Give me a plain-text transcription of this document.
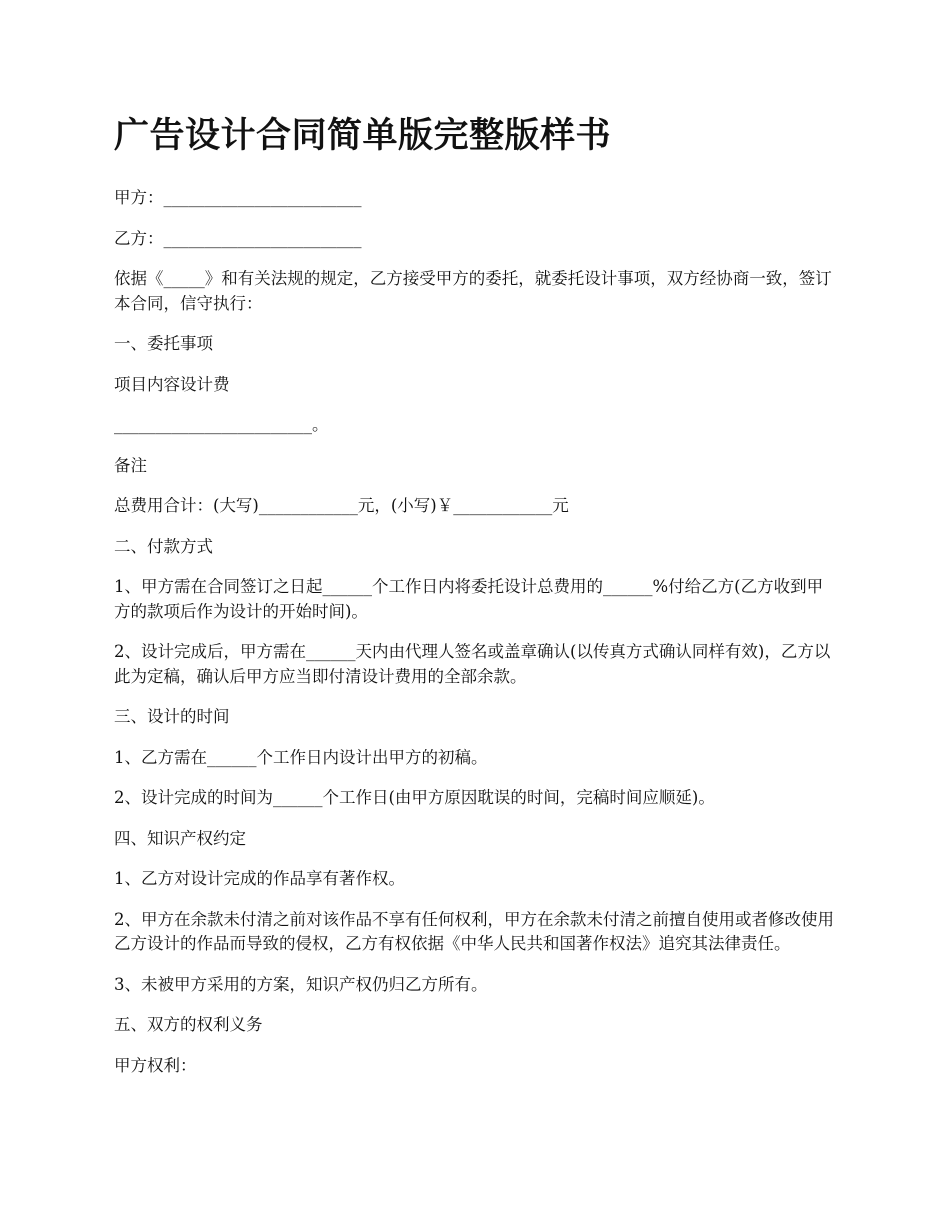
广告设计合同简单版完整版样书

甲方：________________________

乙方：________________________

依据《_____》和有关法规的规定，乙方接受甲方的委托，就委托设计事项，双方经协商一致，签订本合同，信守执行：

一、委托事项

项目内容设计费

________________________。

备注

总费用合计：(大写)____________元，(小写)￥____________元

二、付款方式

1、甲方需在合同签订之日起______个工作日内将委托设计总费用的______%付给乙方(乙方收到甲方的款项后作为设计的开始时间)。

2、设计完成后，甲方需在______天内由代理人签名或盖章确认(以传真方式确认同样有效)，乙方以此为定稿，确认后甲方应当即付清设计费用的全部余款。

三、设计的时间

1、乙方需在______个工作日内设计出甲方的初稿。

2、设计完成的时间为______个工作日(由甲方原因耽误的时间，完稿时间应顺延)。

四、知识产权约定

1、乙方对设计完成的作品享有著作权。

2、甲方在余款未付清之前对该作品不享有任何权利，甲方在余款未付清之前擅自使用或者修改使用乙方设计的作品而导致的侵权，乙方有权依据《中华人民共和国著作权法》追究其法律责任。

3、未被甲方采用的方案，知识产权仍归乙方所有。

五、双方的权利义务

甲方权利：
